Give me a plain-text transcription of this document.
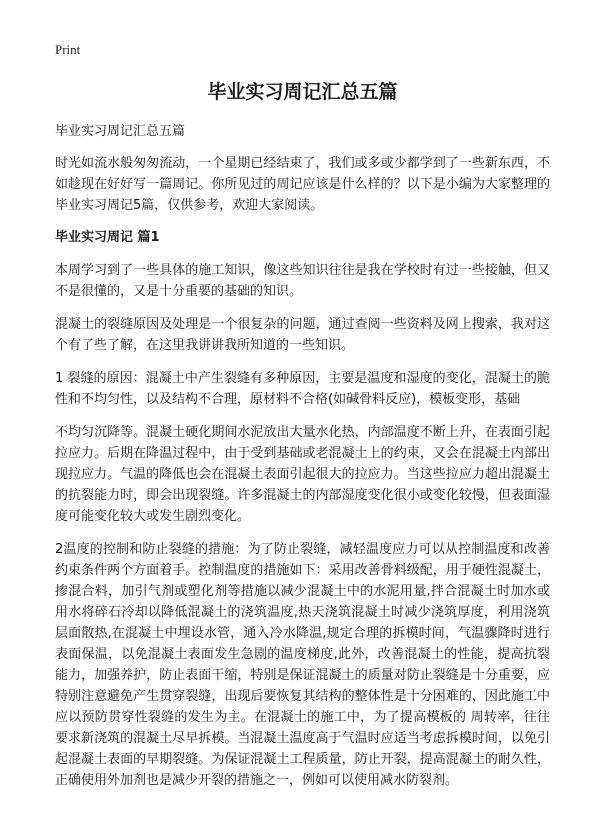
Print
毕业实习周记汇总五篇
毕业实习周记汇总五篇

时光如流水般匆匆流动，一个星期已经结束了，我们或多或少都学到了一些新东西，不如趁现在好好写一篇周记。你所见过的周记应该是什么样的？以下是小编为大家整理的毕业实习周记5篇，仅供参考，欢迎大家阅读。

毕业实习周记 篇1

本周学习到了一些具体的施工知识，像这些知识往往是我在学校时有过一些接触，但又不是很懂的，又是十分重要的基础的知识。

混凝土的裂缝原因及处理是一个很复杂的问题，通过查阅一些资料及网上搜索，我对这个有了些了解，在这里我讲讲我所知道的一些知识。

1 裂缝的原因：混凝土中产生裂缝有多种原因，主要是温度和湿度的变化，混凝土的脆性和不均匀性，以及结构不合理，原材料不合格(如碱骨料反应)，模板变形，基础

不均匀沉降等。混凝土硬化期间水泥放出大量水化热，内部温度不断上升，在表面引起拉应力。后期在降温过程中，由于受到基础或老混凝土上的约束，又会在混凝土内部出现拉应力。气温的降低也会在混凝土表面引起很大的拉应力。当这些拉应力超出混凝土的抗裂能力时，即会出现裂缝。许多混凝土的内部湿度变化很小或变化较慢，但表面湿度可能变化较大或发生剧烈变化。

2温度的控制和防止裂缝的措施：为了防止裂缝，减轻温度应力可以从控制温度和改善约束条件两个方面着手。控制温度的措施如下：采用改善骨料级配，用于硬性混凝土，掺混合料，加引气剂或塑化剂等措施以减少混凝土中的水泥用量,拌合混凝土时加水或用水将碎石冷却以降低混凝土的浇筑温度,热天浇筑混凝土时减少浇筑厚度，利用浇筑层面散热,在混凝土中埋设水管，通入冷水降温,规定合理的拆模时间，气温骤降时进行表面保温，以免混凝土表面发生急剧的温度梯度,此外，改善混凝土的性能，提高抗裂能力，加强养护，防止表面干缩，特别是保证混凝土的质量对防止裂缝是十分重要，应特别注意避免产生贯穿裂缝，出现后要恢复其结构的整体性是十分困难的，因此施工中应以预防贯穿性裂缝的发生为主。在混凝土的施工中，为了提高模板的 周转率，往往要求新浇筑的混凝土尽早拆模。当混凝土温度高于气温时应适当考虑拆模时间，以免引起混凝土表面的早期裂缝。为保证混凝土工程质量，防止开裂，提高混凝土的耐久性，正确使用外加剂也是减少开裂的措施之一，例如可以使用减水防裂剂。
